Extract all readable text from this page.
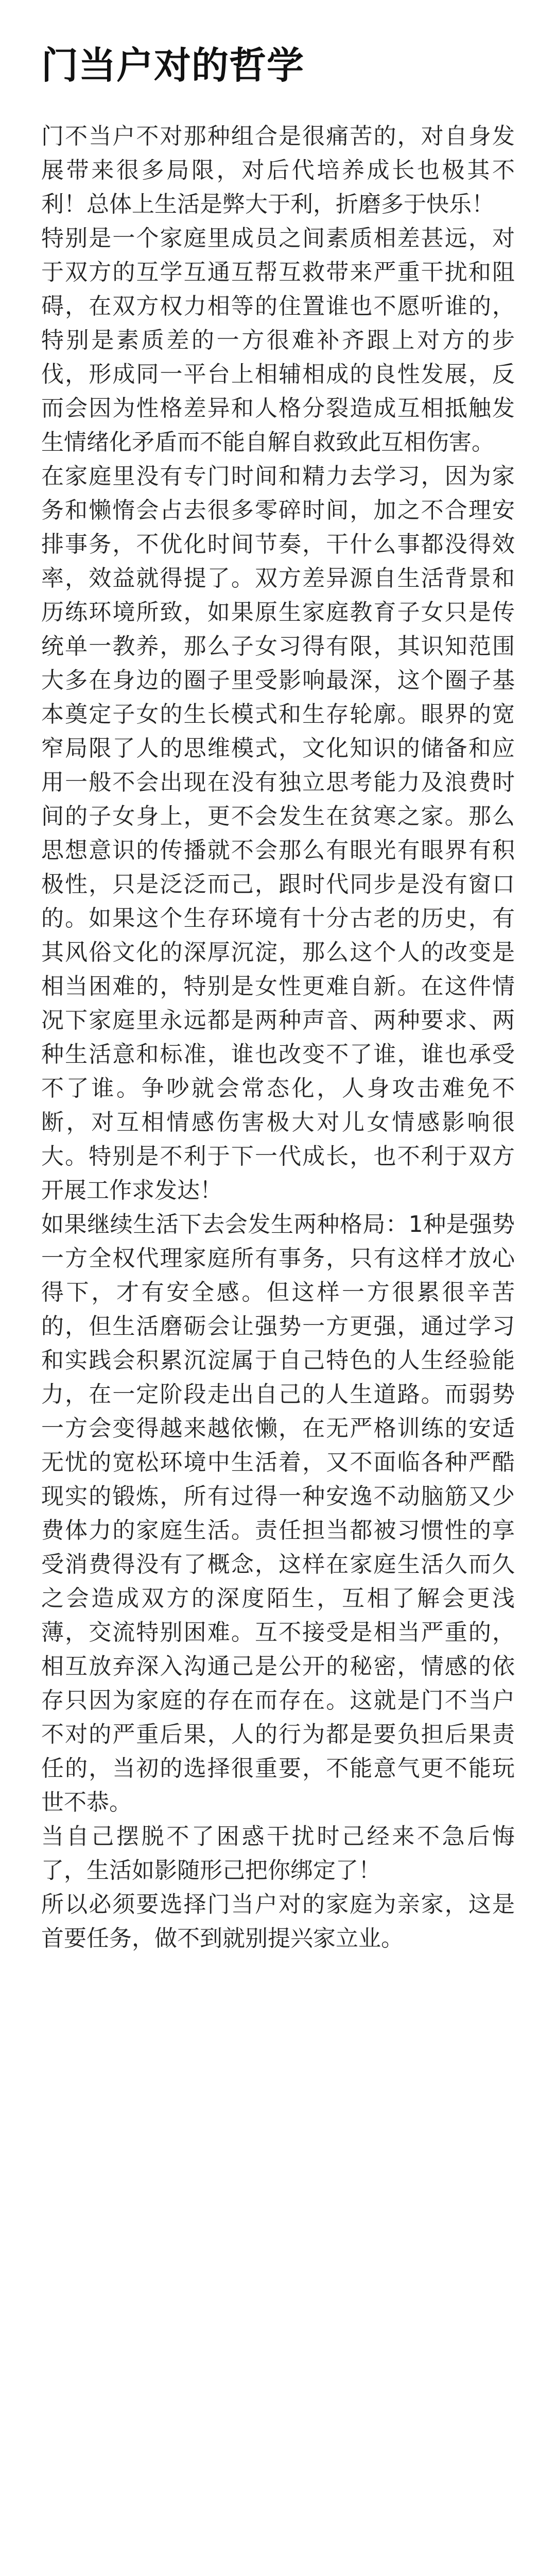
门当户对的哲学

门不当户不对那种组合是很痛苦的，对自身发展带来很多局限，对后代培养成长也极其不利！总体上生活是弊大于利，折磨多于快乐！

特别是一个家庭里成员之间素质相差甚远，对于双方的互学互通互帮互救带来严重干扰和阻碍，在双方权力相等的住置谁也不愿听谁的，特别是素质差的一方很难补齐跟上对方的步伐，形成同一平台上相辅相成的良性发展，反而会因为性格差异和人格分裂造成互相抵触发生情绪化矛盾而不能自解自救致此互相伤害。

在家庭里没有专门时间和精力去学习，因为家务和懒惰会占去很多零碎时间，加之不合理安排事务，不优化时间节奏，干什么事都没得效率，效益就得提了。双方差异源自生活背景和历练环境所致，如果原生家庭教育子女只是传统单一教养，那么子女习得有限，其识知范围大多在身边的圈子里受影响最深，这个圈子基本奠定子女的生长模式和生存轮廓。眼界的宽窄局限了人的思维模式，文化知识的储备和应用一般不会出现在没有独立思考能力及浪费时间的子女身上，更不会发生在贫寒之家。那么思想意识的传播就不会那么有眼光有眼界有积极性，只是泛泛而己，跟时代同步是没有窗口的。如果这个生存环境有十分古老的历史，有其风俗文化的深厚沉淀，那么这个人的改变是相当困难的，特别是女性更难自新。在这件情况下家庭里永远都是两种声音、两种要求、两种生活意和标准，谁也改变不了谁，谁也承受不了谁。争吵就会常态化，人身攻击难免不断，对互相情感伤害极大对儿女情感影响很大。特别是不利于下一代成长，也不利于双方开展工作求发达！

如果继续生活下去会发生两种格局：1种是强势一方全权代理家庭所有事务，只有这样才放心得下，才有安全感。但这样一方很累很辛苦的，但生活磨砺会让强势一方更强，通过学习和实践会积累沉淀属于自己特色的人生经验能力，在一定阶段走出自己的人生道路。而弱势一方会变得越来越依懒，在无严格训练的安适无忧的宽松环境中生活着，又不面临各种严酷现实的锻炼，所有过得一种安逸不动脑筋又少费体力的家庭生活。责任担当都被习惯性的享受消费得没有了概念，这样在家庭生活久而久之会造成双方的深度陌生，互相了解会更浅薄，交流特别困难。互不接受是相当严重的，相互放弃深入沟通己是公开的秘密，情感的依存只因为家庭的存在而存在。这就是门不当户不对的严重后果，人的行为都是要负担后果责任的，当初的选择很重要，不能意气更不能玩世不恭。

当自己摆脱不了困惑干扰时己经来不急后悔了，生活如影随形己把你绑定了！

所以必须要选择门当户对的家庭为亲家，这是首要任务，做不到就别提兴家立业。
